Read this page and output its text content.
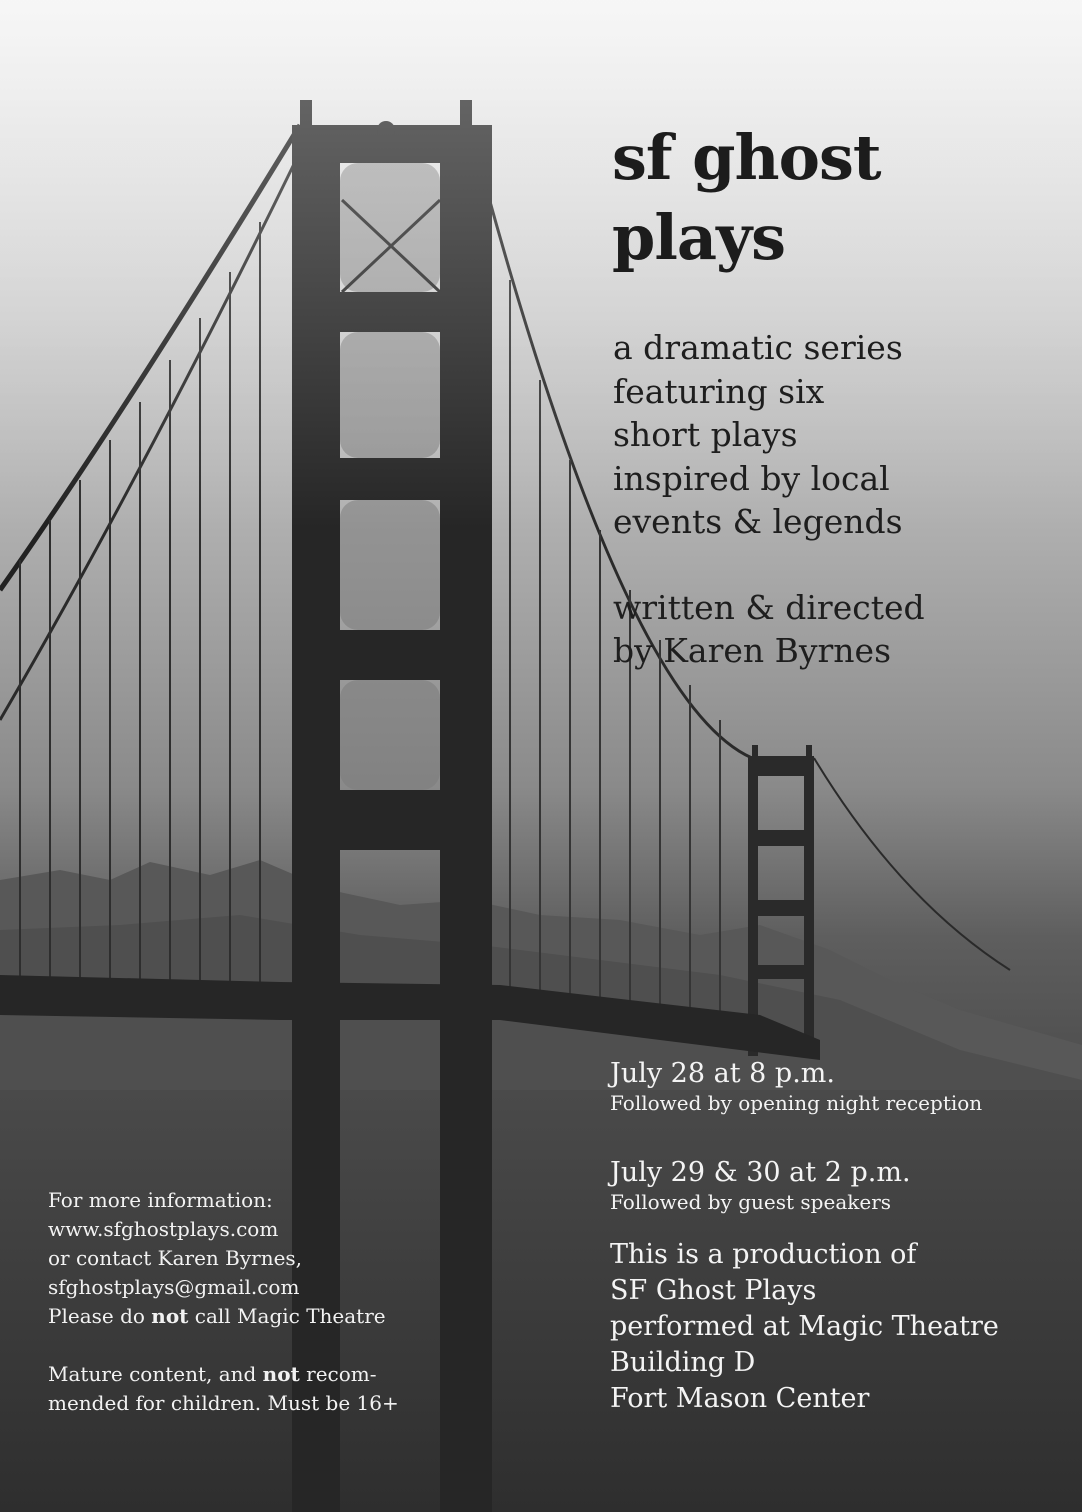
sf ghost
plays
a dramatic series
featuring six
short plays
inspired by local
events & legends
written & directed
by Karen Byrnes
July 28 at 8 p.m.
Followed by opening night reception
July 29 & 30 at 2 p.m.
Followed by guest speakers
This is a production of
SF Ghost Plays
performed at Magic Theatre
Building D
Fort Mason Center
For more information:
www.sfghostplays.com
or contact Karen Byrnes,
sfghostplays@gmail.com
Please do not call Magic Theatre
Mature content, and not recom-
mended for children. Must be 16+
